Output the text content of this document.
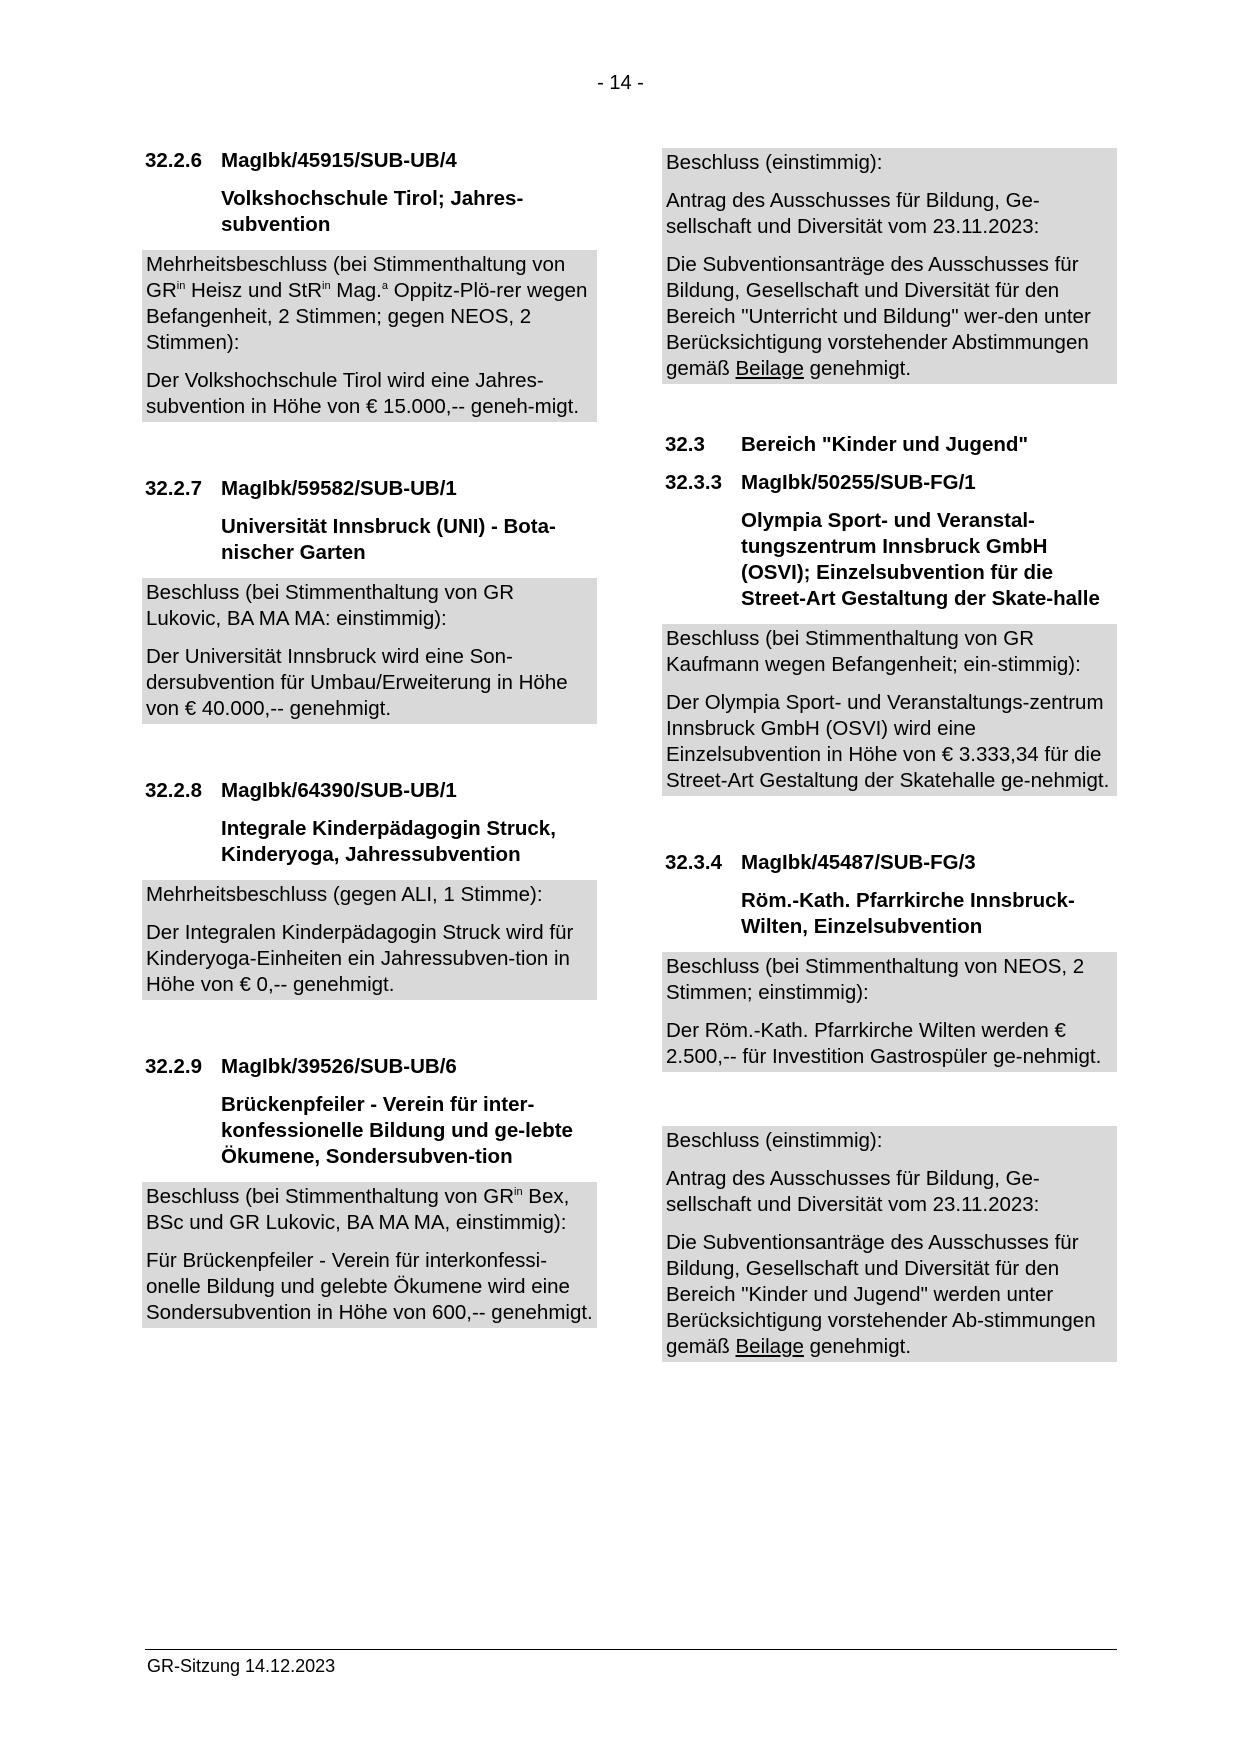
- 14 -
32.2.6 MagIbk/45915/SUB-UB/4
Volkshochschule Tirol; Jahres-subvention

Mehrheitsbeschluss (bei Stimmenthaltung von $GR^{in}$ Heisz und StR$^{in}$ Mag.$^a$ Oppitz-Plö-rer wegen Befangenheit, 2 Stimmen; gegen NEOS, 2 Stimmen):

Der Volkshochschule Tirol wird eine Jahres-subvention in Höhe von € 15.000,-- geneh-migt.

32.2.7 MagIbk/59582/SUB-UB/1
Universität Innsbruck (UNI) - Bota-nischer Garten

Beschluss (bei Stimmenthaltung von GR Lukovic, BA MA MA: einstimmig):

Der Universität Innsbruck wird eine Son-dersubvention für Umbau/Erweiterung in Höhe von € 40.000,-- genehmigt.

32.2.8 MagIbk/64390/SUB-UB/1
Integrale Kinderpädagogin Struck, Kinderyoga, Jahressubvention

Mehrheitsbeschluss (gegen ALI, 1 Stimme):

Der Integralen Kinderpädagogin Struck wird für Kinderyoga-Einheiten ein Jahressubven-tion in Höhe von € 0,-- genehmigt.

32.2.9 MagIbk/39526/SUB-UB/6
Brückenpfeiler - Verein für inter-konfessionelle Bildung und ge-lebte Ökumene, Sondersubven-tion

Beschluss (bei Stimmenthaltung von $GR^{in}$ Bex, BSc und GR Lukovic, BA MA MA, einstimmig):

Für Brückenpfeiler - Verein für interkonfessi-onelle Bildung und gelebte Ökumene wird eine Sondersubvention in Höhe von 600,-- genehmigt.

Beschluss (einstimmig):

Antrag des Ausschusses für Bildung, Ge-sellschaft und Diversität vom 23.11.2023:

Die Subventionsanträge des Ausschusses für Bildung, Gesellschaft und Diversität für den Bereich "Unterricht und Bildung" wer-den unter Berücksichtigung vorstehender Abstimmungen gemäß Beilage genehmigt.

32.3	Bereich "Kinder und Jugend"
32.3.3 MagIbk/50255/SUB-FG/1
Olympia Sport- und Veranstal-tungszentrum Innsbruck GmbH (OSVI); Einzelsubvention für die Street-Art Gestaltung der Skate-halle

Beschluss (bei Stimmenthaltung von GR Kaufmann wegen Befangenheit; ein-stimmig):

Der Olympia Sport- und Veranstaltungs-zentrum Innsbruck GmbH (OSVI) wird eine Einzelsubvention in Höhe von € 3.333,34 für die Street-Art Gestaltung der Skatehalle ge-nehmigt.

32.3.4 MagIbk/45487/SUB-FG/3
Röm.-Kath. Pfarrkirche Innsbruck-Wilten, Einzelsubvention

Beschluss (bei Stimmenthaltung von NEOS, 2 Stimmen; einstimmig):

Der Röm.-Kath. Pfarrkirche Wilten werden € 2.500,-- für Investition Gastrospüler ge-nehmigt.

Beschluss (einstimmig):

Antrag des Ausschusses für Bildung, Ge-sellschaft und Diversität vom 23.11.2023:

Die Subventionsanträge des Ausschusses für Bildung, Gesellschaft und Diversität für den Bereich "Kinder und Jugend" werden unter Berücksichtigung vorstehender Ab-stimmungen gemäß Beilage genehmigt.

GR-Sitzung 14.12.2023
